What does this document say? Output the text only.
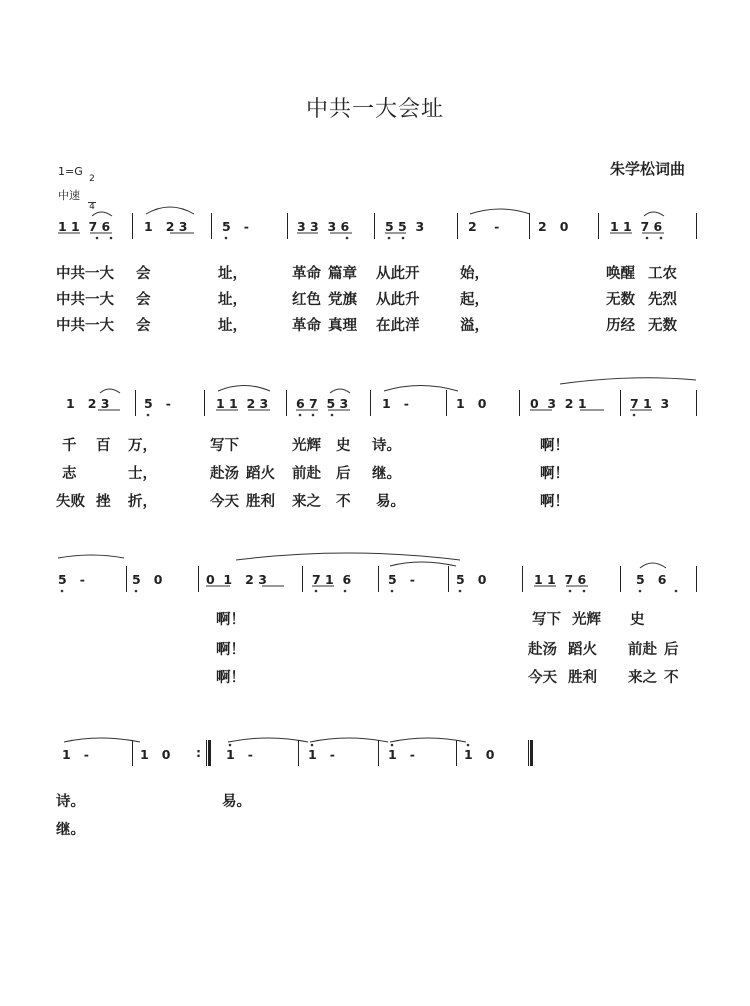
中共一大会址
1=G

$\frac{2}{4}$

中速
朱学松词曲
1 1  7 6	1   2 3	5   -	3 3  3 6	5 5  3	2    -	2   0	1 1  7 6
中共一大 会	址，	革命 篇章 从此开	始，	唤醒 工农
中共一大 会	址，	红色 党旗 从此升	起，	无数 先烈
中共一大 会	址，	革命 真理 在此洋	溢，	历经 无数
1   2 3	5   -	1 1  2 3 6 7  5 3	1   -	1   0	0  3  2 1	7 1  3
千 百 万，	写下	光辉 史 诗。	啊！
志	士，	赴汤 蹈火 前赴 后 继。	啊！
失败 挫 折，	今天 胜利 来之 不 易。	啊！
5   -	5   0	0  1   2 3	7 1  6	5   -	5   0	1 1  7 6	5   6
啊！	写下 光辉 史
啊！	赴汤 蹈火 前赴 后
啊！	今天 胜利 来之 不
1   -	1   0	1   -	1   -	1   -	1   0
:
诗。	易。
继。
